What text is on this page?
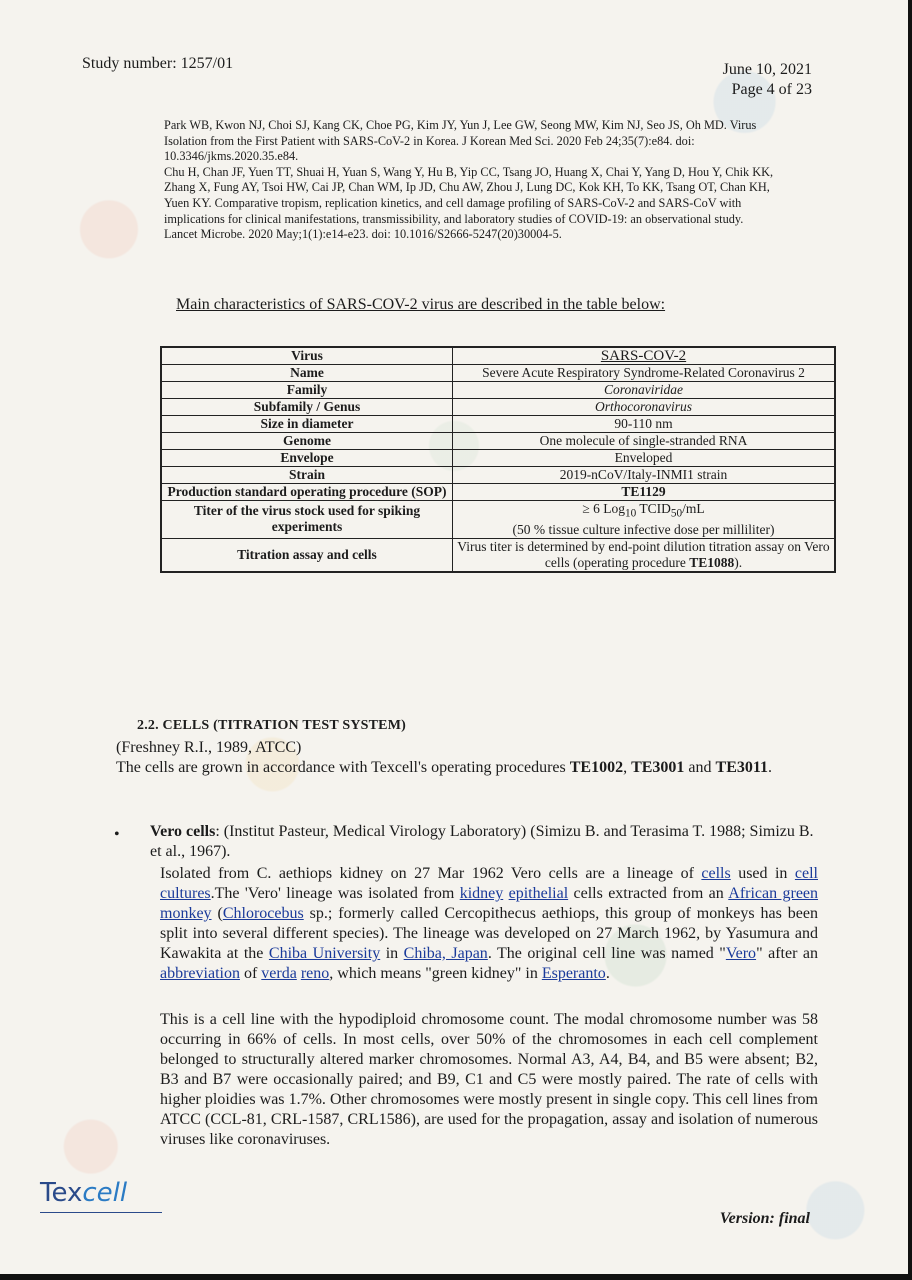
Study number: 1257/01	June 10, 2021
Page 4 of 23

Park WB, Kwon NJ, Choi SJ, Kang CK, Choe PG, Kim JY, Yun J, Lee GW, Seong MW, Kim NJ, Seo JS, Oh MD. Virus Isolation from the First Patient with SARS-CoV-2 in Korea. J Korean Med Sci. 2020 Feb 24;35(7):e84. doi: 10.3346/jkms.2020.35.e84.

Chu H, Chan JF, Yuen TT, Shuai H, Yuan S, Wang Y, Hu B, Yip CC, Tsang JO, Huang X, Chai Y, Yang D, Hou Y, Chik KK, Zhang X, Fung AY, Tsoi HW, Cai JP, Chan WM, Ip JD, Chu AW, Zhou J, Lung DC, Kok KH, To KK, Tsang OT, Chan KH, Yuen KY. Comparative tropism, replication kinetics, and cell damage profiling of SARS-CoV-2 and SARS-CoV with implications for clinical manifestations, transmissibility, and laboratory studies of COVID-19: an observational study. Lancet Microbe. 2020 May;1(1):e14-e23. doi: 10.1016/S2666-5247(20)30004-5.

Main characteristics of SARS-COV-2 virus are described in the table below:
Virus	SARS-COV-2
Name	Severe Acute Respiratory Syndrome-Related Coronavirus 2
Family	Coronaviridae
Subfamily / Genus	Orthocoronavirus
Size in diameter	90-110 nm
Genome	One molecule of single-stranded RNA
Envelope	Enveloped
Strain	2019-nCoV/Italy-INMI1 strain
Production standard operating procedure (SOP)	TE1129
Titer of the virus stock used for spiking experiments	≥ 6 Log$_{10}$ $TCID_{50}/mL$
(50 % tissue culture infective dose per milliliter)
Titration assay and cells	Virus titer is determined by end-point dilution titration assay on Vero cells (operating procedure TE1088).
2.2. CELLS (TITRATION TEST SYSTEM)

(Freshney R.I., 1989, ATCC)

The cells are grown in accordance with Texcell's operating procedures TE1002, TE3001 and TE3011.

• Vero cells: (Institut Pasteur, Medical Virology Laboratory) (Simizu B. and Terasima T. 1988; Simizu B. et al., 1967).
Isolated from C. aethiops kidney on 27 Mar 1962 Vero cells are a lineage of cells used in cell cultures.The 'Vero' lineage was isolated from kidney epithelial cells extracted from an African green monkey (Chlorocebus sp.; formerly called Cercopithecus aethiops, this group of monkeys has been split into several different species). The lineage was developed on 27 March 1962, by Yasumura and Kawakita at the Chiba University in Chiba, Japan. The original cell line was named "Vero" after an abbreviation of verda reno, which means "green kidney" in Esperanto.
This is a cell line with the hypodiploid chromosome count. The modal chromosome number was 58 occurring in 66% of cells. In most cells, over 50% of the chromosomes in each cell complement belonged to structurally altered marker chromosomes. Normal A3, A4, B4, and B5 were absent; B2, B3 and B7 were occasionally paired; and B9, C1 and C5 were mostly paired. The rate of cells with higher ploidies was 1.7%. Other chromosomes were mostly present in single copy. This cell lines from ATCC (CCL-81, CRL-1587, CRL1586), are used for the propagation, assay and isolation of numerous viruses like coronaviruses.
Texcell
Version: final
